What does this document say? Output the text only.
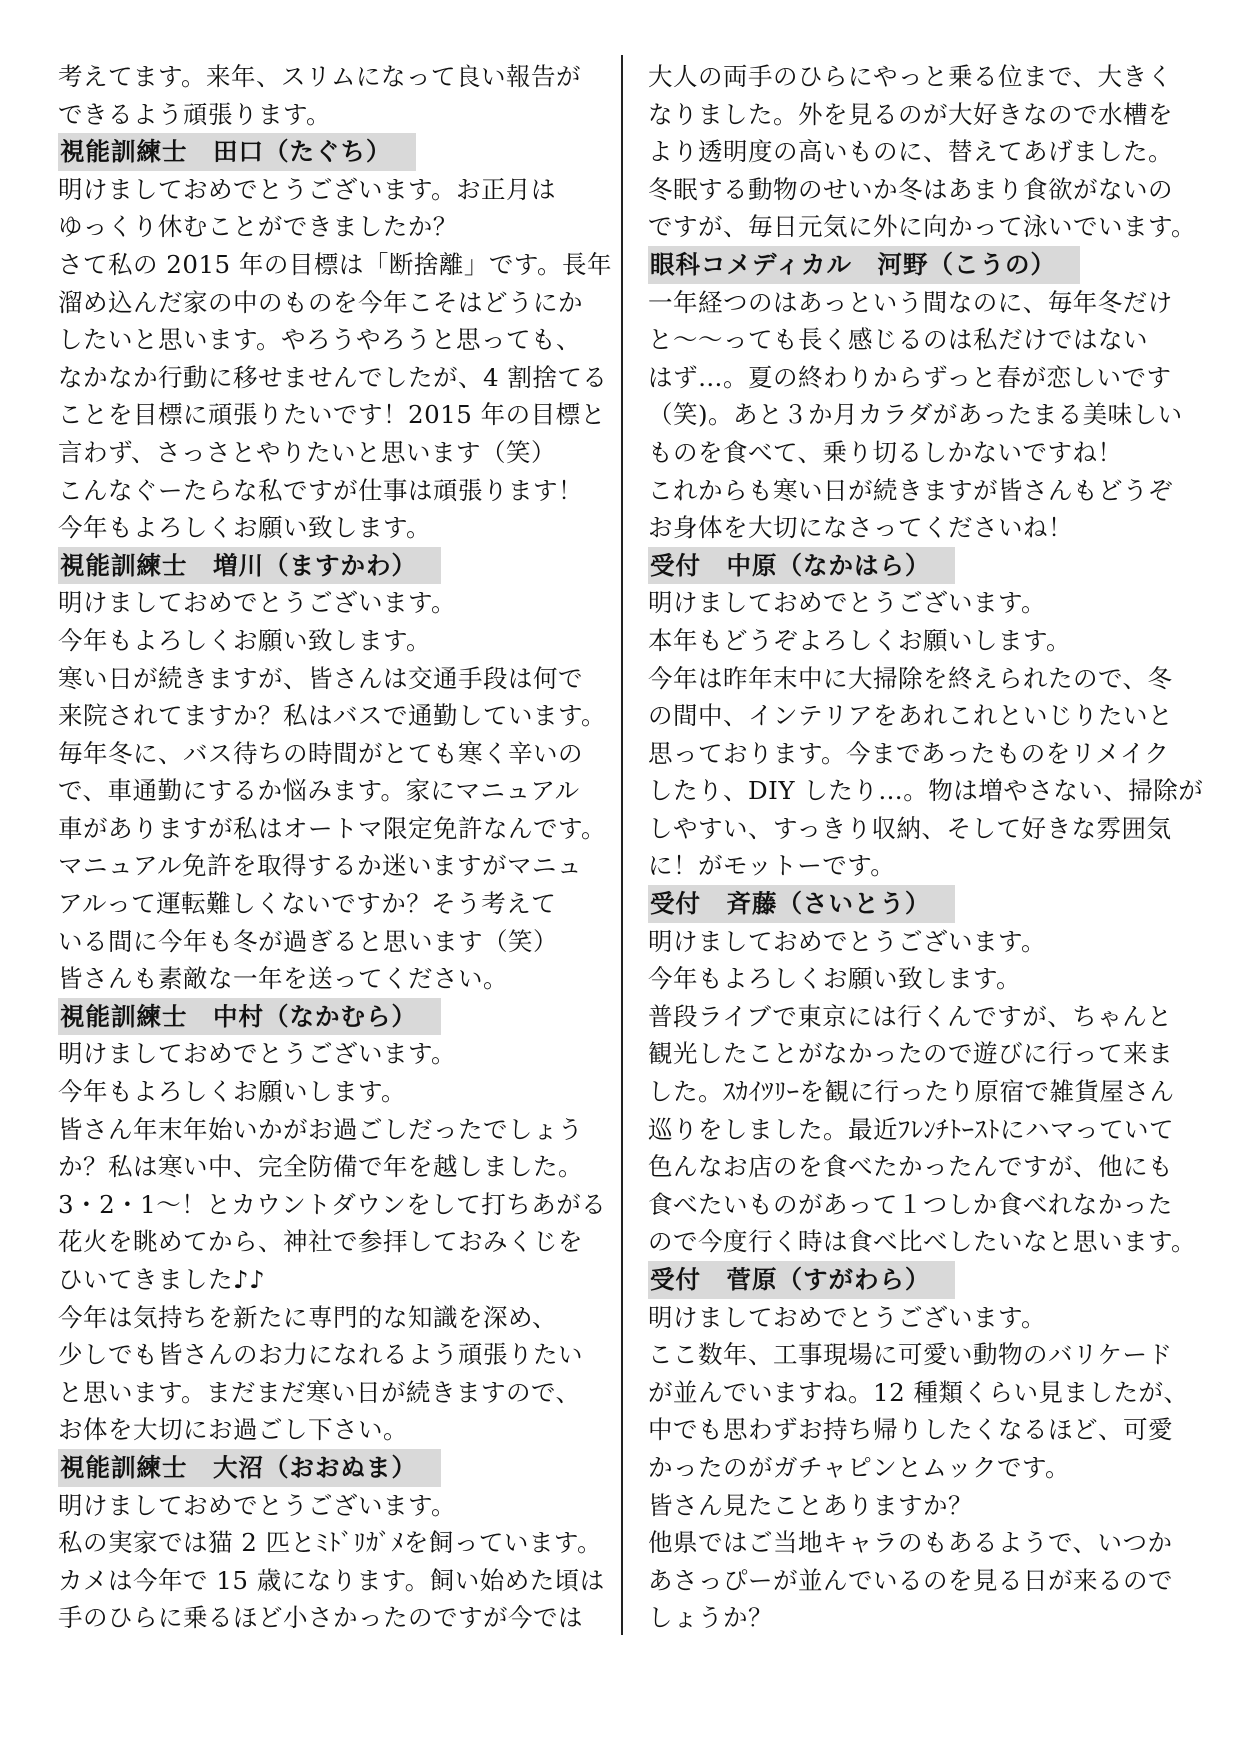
考えてます。来年、スリムになって良い報告が
できるよう頑張ります。
視能訓練士　田口（たぐち）
明けましておめでとうございます。お正月は
ゆっくり休むことができましたか？
さて私の 2015 年の目標は「断捨離」です。長年
溜め込んだ家の中のものを今年こそはどうにか
したいと思います。やろうやろうと思っても、
なかなか行動に移せませんでしたが、4 割捨てる
ことを目標に頑張りたいです！2015 年の目標と
言わず、さっさとやりたいと思います（笑）
こんなぐーたらな私ですが仕事は頑張ります！
今年もよろしくお願い致します。
視能訓練士　増川（ますかわ）
明けましておめでとうございます。
今年もよろしくお願い致します。
寒い日が続きますが、皆さんは交通手段は何で
来院されてますか？私はバスで通勤しています。
毎年冬に、バス待ちの時間がとても寒く辛いの
で、車通勤にするか悩みます。家にマニュアル
車がありますが私はオートマ限定免許なんです。
マニュアル免許を取得するか迷いますがマニュ
アルって運転難しくないですか？そう考えて
いる間に今年も冬が過ぎると思います（笑）
皆さんも素敵な一年を送ってください。
視能訓練士　中村（なかむら）
明けましておめでとうございます。
今年もよろしくお願いします。
皆さん年末年始いかがお過ごしだったでしょう
か？私は寒い中、完全防備で年を越しました。
3・2・1〜！とカウントダウンをして打ちあがる
花火を眺めてから、神社で参拝しておみくじを
ひいてきました♪♪
今年は気持ちを新たに専門的な知識を深め、
少しでも皆さんのお力になれるよう頑張りたい
と思います。まだまだ寒い日が続きますので、
お体を大切にお過ごし下さい。
視能訓練士　大沼（おおぬま）
明けましておめでとうございます。
私の実家では猫 2 匹とﾐﾄﾞﾘｶﾞﾒを飼っています。
カメは今年で 15 歳になります。飼い始めた頃は
手のひらに乗るほど小さかったのですが今では
大人の両手のひらにやっと乗る位まで、大きく
なりました。外を見るのが大好きなので水槽を
より透明度の高いものに、替えてあげました。
冬眠する動物のせいか冬はあまり食欲がないの
ですが、毎日元気に外に向かって泳いでいます。
眼科コメディカル　河野（こうの）
一年経つのはあっという間なのに、毎年冬だけ
と〜〜っても長く感じるのは私だけではない
はず…。夏の終わりからずっと春が恋しいです
（笑)。あと３か月カラダがあったまる美味しい
ものを食べて、乗り切るしかないですね！
これからも寒い日が続きますが皆さんもどうぞ
お身体を大切になさってくださいね！
受付　中原（なかはら）
明けましておめでとうございます。
本年もどうぞよろしくお願いします。
今年は昨年末中に大掃除を終えられたので、冬
の間中、インテリアをあれこれといじりたいと
思っております。今まであったものをリメイク
したり、DIY したり…。物は増やさない、掃除が
しやすい、すっきり収納、そして好きな雰囲気
に！がモットーです。
受付　斉藤（さいとう）
明けましておめでとうございます。
今年もよろしくお願い致します。
普段ライブで東京には行くんですが、ちゃんと
観光したことがなかったので遊びに行って来ま
した。ｽｶｲﾂﾘｰを観に行ったり原宿で雑貨屋さん
巡りをしました。最近ﾌﾚﾝﾁﾄｰｽﾄにハマっていて
色んなお店のを食べたかったんですが、他にも
食べたいものがあって１つしか食べれなかった
ので今度行く時は食べ比べしたいなと思います。
受付　菅原（すがわら）
明けましておめでとうございます。
ここ数年、工事現場に可愛い動物のバリケード
が並んでいますね。12 種類くらい見ましたが、
中でも思わずお持ち帰りしたくなるほど、可愛
かったのがガチャピンとムックです。
皆さん見たことありますか？
他県ではご当地キャラのもあるようで、いつか
あさっぴーが並んでいるのを見る日が来るので
しょうか？
